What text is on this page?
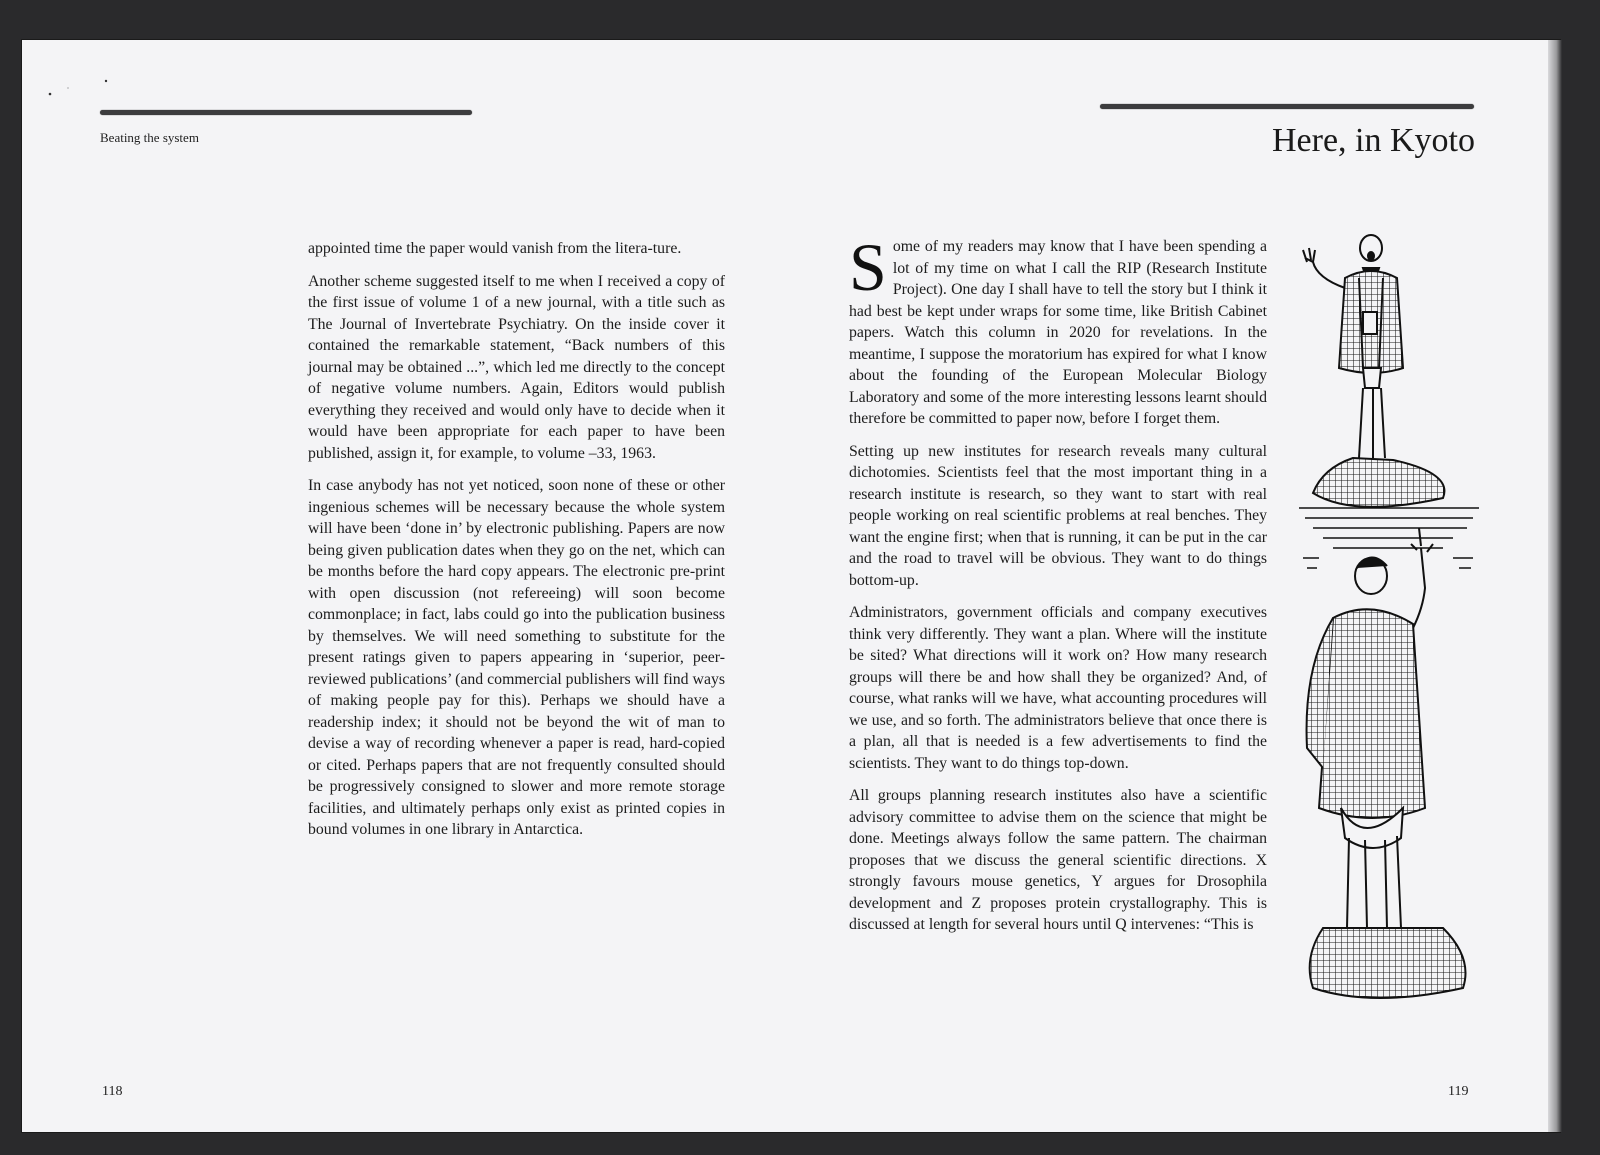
Beating the system	Here, in Kyoto

appointed time the paper would vanish from the litera-ture.

Another scheme suggested itself to me when I received a copy of the first issue of volume 1 of a new journal, with a title such as The Journal of Invertebrate Psychiatry. On the inside cover it contained the remarkable statement, “Back numbers of this journal may be obtained ...”, which led me directly to the concept of negative volume numbers. Again, Editors would publish everything they received and would only have to decide when it would have been appropriate for each paper to have been published, assign it, for example, to volume –33, 1963.

In case anybody has not yet noticed, soon none of these or other ingenious schemes will be necessary because the whole system will have been ‘done in’ by electronic publishing. Papers are now being given publication dates when they go on the net, which can be months before the hard copy appears. The electronic pre-print with open discussion (not refereeing) will soon become commonplace; in fact, labs could go into the publication business by themselves. We will need something to substitute for the present ratings given to papers appearing in ‘superior, peer-reviewed publications’ (and commercial publishers will find ways of making people pay for this). Perhaps we should have a readership index; it should not be beyond the wit of man to devise a way of recording whenever a paper is read, hard-copied or cited. Perhaps papers that are not frequently consulted should be progressively consigned to slower and more remote storage facilities, and ultimately perhaps only exist as printed copies in bound volumes in one library in Antarctica.

Some of my readers may know that I have been spending a lot of my time on what I call the RIP (Research Institute Project). One day I shall have to tell the story but I think it had best be kept under wraps for some time, like British Cabinet papers. Watch this column in 2020 for revelations. In the meantime, I suppose the moratorium has expired for what I know about the founding of the European Molecular Biology Laboratory and some of the more interesting lessons learnt should therefore be committed to paper now, before I forget them.

Setting up new institutes for research reveals many cultural dichotomies. Scientists feel that the most important thing in a research institute is research, so they want to start with real people working on real scientific problems at real benches. They want the engine first; when that is running, it can be put in the car and the road to travel will be obvious. They want to do things bottom-up.

Administrators, government officials and company executives think very differently. They want a plan. Where will the institute be sited? What directions will it work on? How many research groups will there be and how shall they be organized? And, of course, what ranks will we have, what accounting procedures will we use, and so forth. The administrators believe that once there is a plan, all that is needed is a few advertisements to find the scientists. They want to do things top-down.

All groups planning research institutes also have a scientific advisory committee to advise them on the science that might be done. Meetings always follow the same pattern. The chairman proposes that we discuss the general scientific directions. X strongly favours mouse genetics, Y argues for Drosophila development and Z proposes protein crystallography. This is discussed at length for several hours until Q intervenes: “This is

118	119
